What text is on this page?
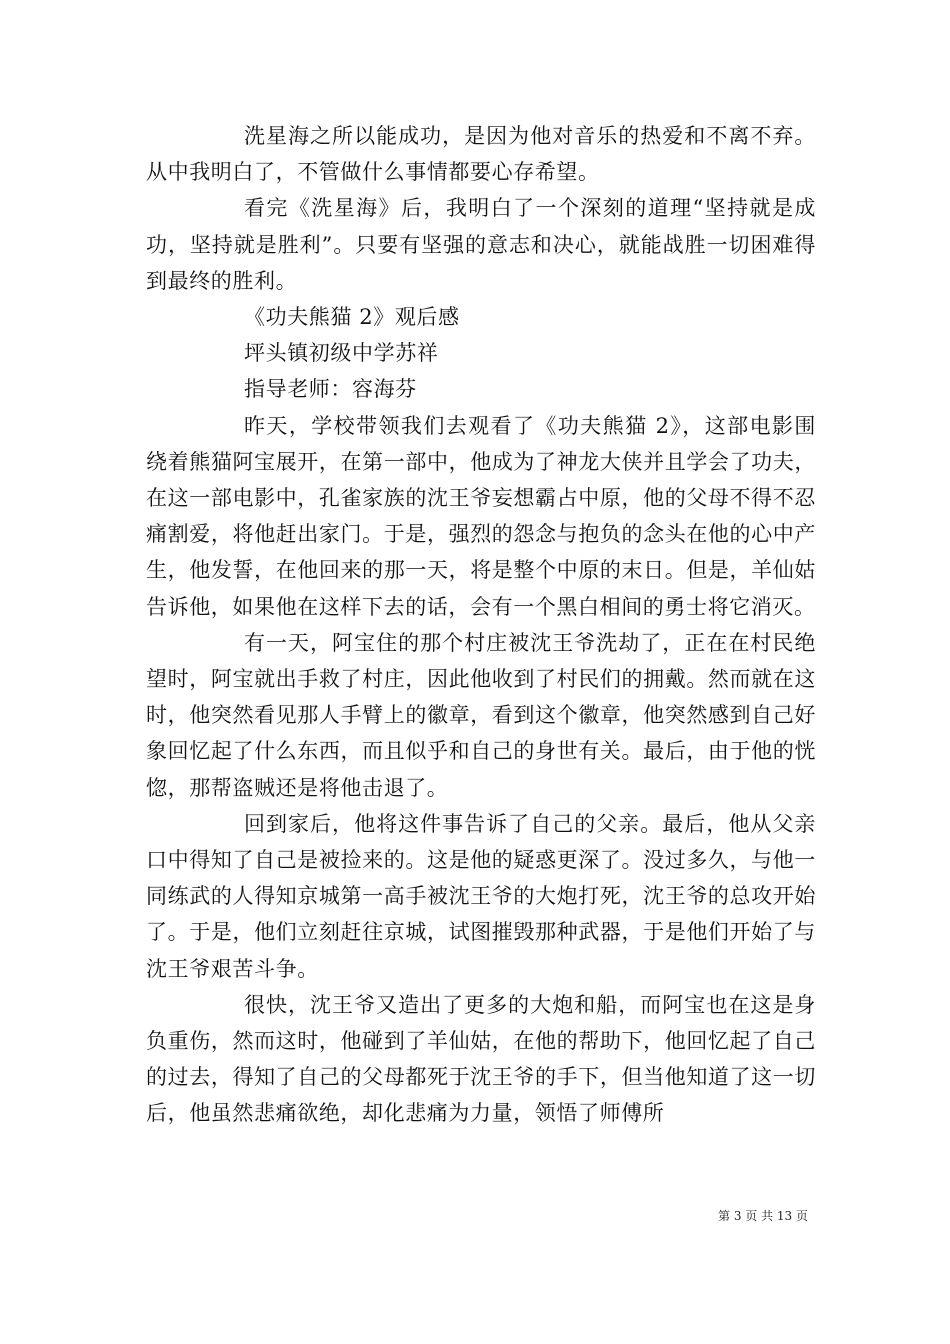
洗星海之所以能成功，是因为他对音乐的热爱和不离不弃。从中我明白了，不管做什么事情都要心存希望。

看完《洗星海》后，我明白了一个深刻的道理“坚持就是成功，坚持就是胜利”。只要有坚强的意志和决心，就能战胜一切困难得到最终的胜利。

《功夫熊猫 2》观后感

坪头镇初级中学苏祥

指导老师：容海芬

昨天，学校带领我们去观看了《功夫熊猫 2》，这部电影围绕着熊猫阿宝展开，在第一部中，他成为了神龙大侠并且学会了功夫，在这一部电影中，孔雀家族的沈王爷妄想霸占中原，他的父母不得不忍痛割爱，将他赶出家门。于是，强烈的怨念与抱负的念头在他的心中产生，他发誓，在他回来的那一天，将是整个中原的末日。但是，羊仙姑告诉他，如果他在这样下去的话，会有一个黑白相间的勇士将它消灭。

有一天，阿宝住的那个村庄被沈王爷洗劫了，正在在村民绝望时，阿宝就出手救了村庄，因此他收到了村民们的拥戴。然而就在这时，他突然看见那人手臂上的徽章，看到这个徽章，他突然感到自己好象回忆起了什么东西，而且似乎和自己的身世有关。最后，由于他的恍惚，那帮盗贼还是将他击退了。

回到家后，他将这件事告诉了自己的父亲。最后，他从父亲口中得知了自己是被捡来的。这是他的疑惑更深了。没过多久，与他一同练武的人得知京城第一高手被沈王爷的大炮打死，沈王爷的总攻开始了。于是，他们立刻赶往京城，试图摧毁那种武器，于是他们开始了与沈王爷艰苦斗争。

很快，沈王爷又造出了更多的大炮和船，而阿宝也在这是身负重伤，然而这时，他碰到了羊仙姑，在他的帮助下，他回忆起了自己的过去，得知了自己的父母都死于沈王爷的手下，但当他知道了这一切后，他虽然悲痛欲绝，却化悲痛为力量，领悟了师傅所

第 3 页 共 13 页
